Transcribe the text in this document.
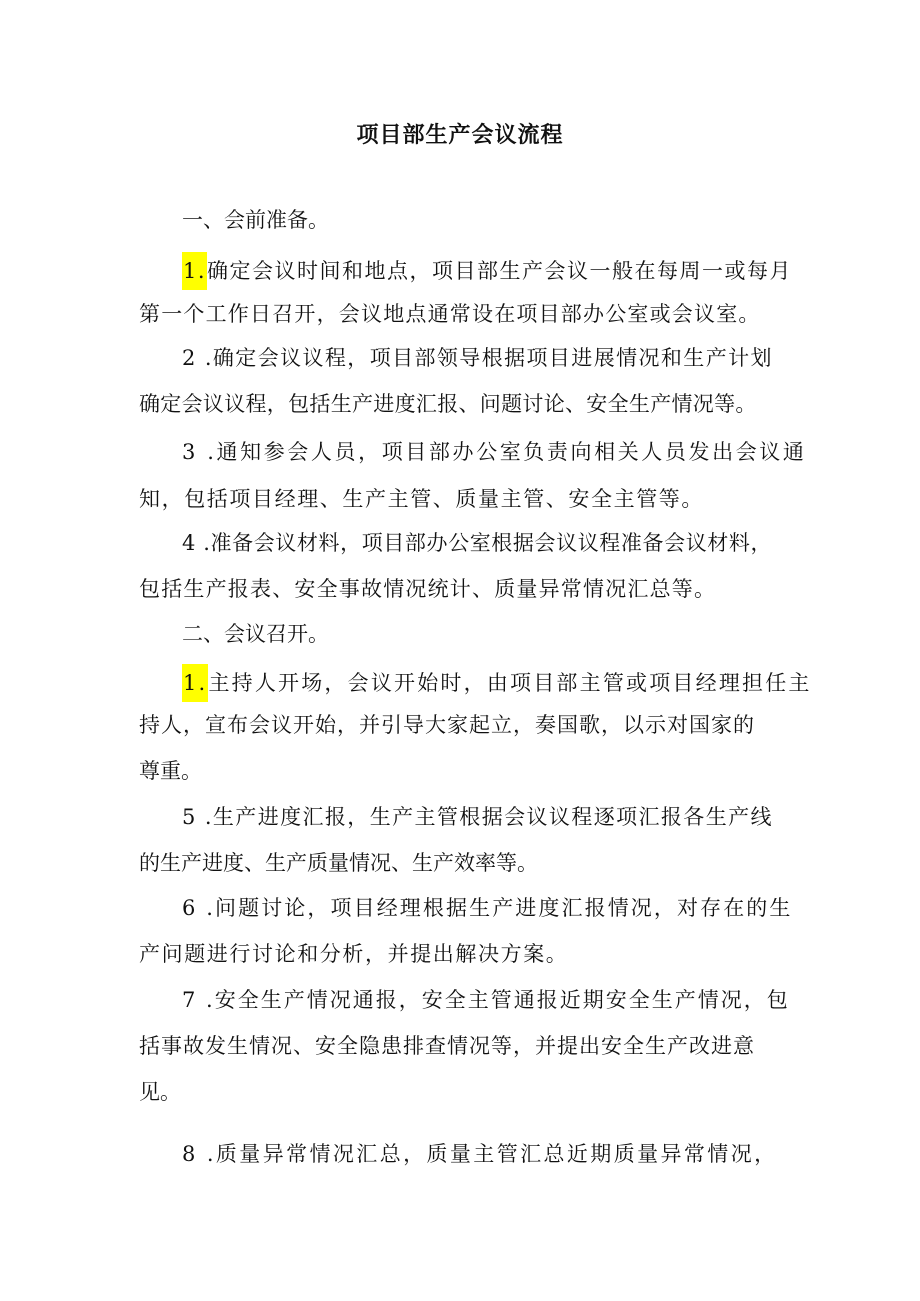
项目部生产会议流程
一、会前准备。
1.确定会议时间和地点，项目部生产会议一般在每周一或每月
第一个工作日召开，会议地点通常设在项目部办公室或会议室。
2 .确定会议议程，项目部领导根据项目进展情况和生产计划
确定会议议程，包括生产进度汇报、问题讨论、安全生产情况等。
3 .通知参会人员，项目部办公室负责向相关人员发出会议通
知，包括项目经理、生产主管、质量主管、安全主管等。
4 .准备会议材料，项目部办公室根据会议议程准备会议材料，
包括生产报表、安全事故情况统计、质量异常情况汇总等。
二、会议召开。
1.主持人开场，会议开始时，由项目部主管或项目经理担任主
持人，宣布会议开始，并引导大家起立，奏国歌，以示对国家的
尊重。
5 .生产进度汇报，生产主管根据会议议程逐项汇报各生产线
的生产进度、生产质量情况、生产效率等。
6 .问题讨论，项目经理根据生产进度汇报情况，对存在的生
产问题进行讨论和分析，并提出解决方案。
7 .安全生产情况通报，安全主管通报近期安全生产情况，包
括事故发生情况、安全隐患排查情况等，并提出安全生产改进意
见。
8 .质量异常情况汇总，质量主管汇总近期质量异常情况，
